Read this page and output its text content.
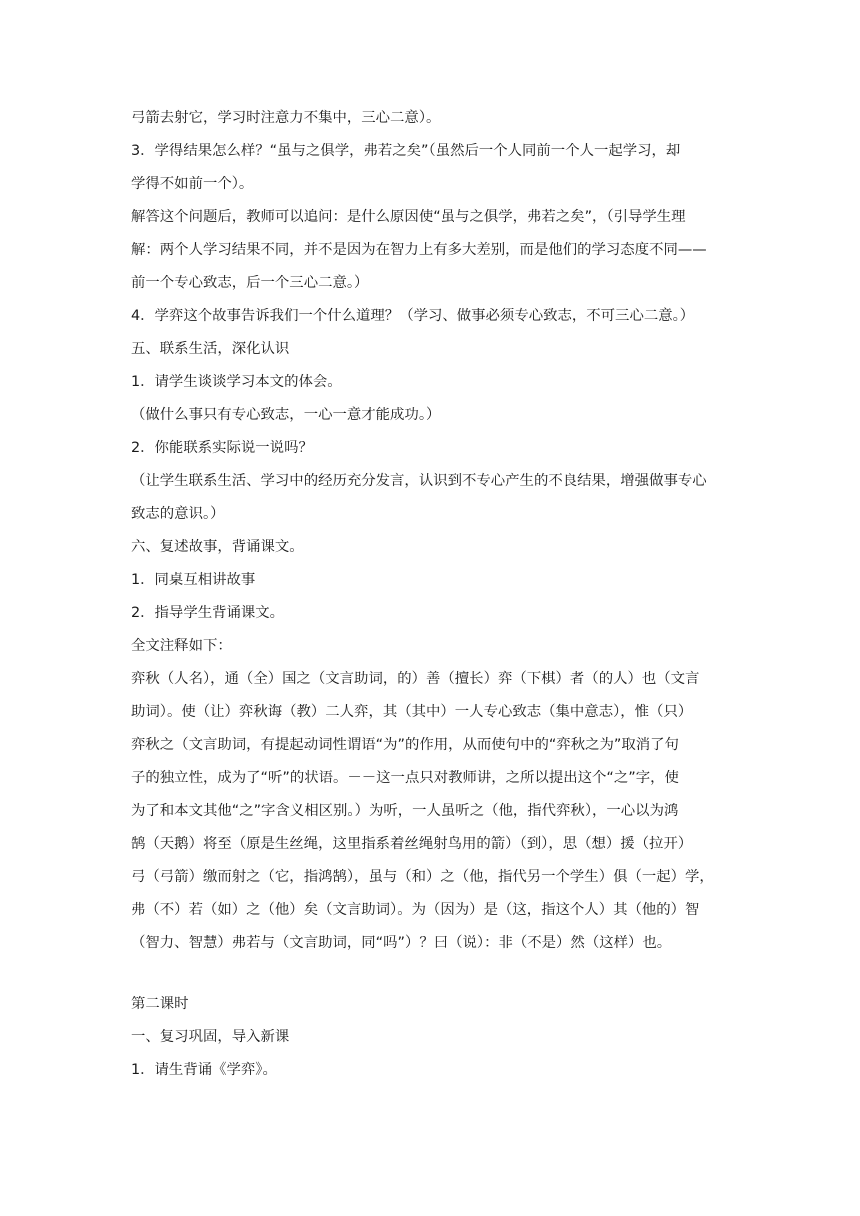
弓箭去射它，学习时注意力不集中，三心二意）。
3．学得结果怎么样？“虽与之俱学，弗若之矣”（虽然后一个人同前一个人一起学习，却
学得不如前一个）。
解答这个问题后，教师可以追问：是什么原因使“虽与之俱学，弗若之矣”，（引导学生理
解：两个人学习结果不同，并不是因为在智力上有多大差别，而是他们的学习态度不同——
前一个专心致志，后一个三心二意。）
4．学弈这个故事告诉我们一个什么道理？（学习、做事必须专心致志，不可三心二意。）
五、联系生活，深化认识
1．请学生谈谈学习本文的体会。
（做什么事只有专心致志，一心一意才能成功。）
2．你能联系实际说一说吗？
（让学生联系生活、学习中的经历充分发言，认识到不专心产生的不良结果，增强做事专心
致志的意识。）
六、复述故事，背诵课文。
1．同桌互相讲故事
2．指导学生背诵课文。
全文注释如下：
弈秋（人名），通（全）国之（文言助词，的）善（擅长）弈（下棋）者（的人）也（文言
助词）。使（让）弈秋诲（教）二人弈，其（其中）一人专心致志（集中意志），惟（只）
弈秋之（文言助词，有提起动词性谓语“为”的作用，从而使句中的“弈秋之为”取消了句
子的独立性，成为了“听”的状语。－－这一点只对教师讲，之所以提出这个“之”字，使
为了和本文其他“之”字含义相区别。）为听，一人虽听之（他，指代弈秋），一心以为鸿
鹄（天鹅）将至（原是生丝绳，这里指系着丝绳射鸟用的箭）（到），思（想）援（拉开）
弓（弓箭）缴而射之（它，指鸿鹄），虽与（和）之（他，指代另一个学生）俱（一起）学，
弗（不）若（如）之（他）矣（文言助词）。为（因为）是（这，指这个人）其（他的）智
（智力、智慧）弗若与（文言助词，同“吗”）？曰（说）：非（不是）然（这样）也。
第二课时
一、复习巩固，导入新课
1．请生背诵《学弈》。
